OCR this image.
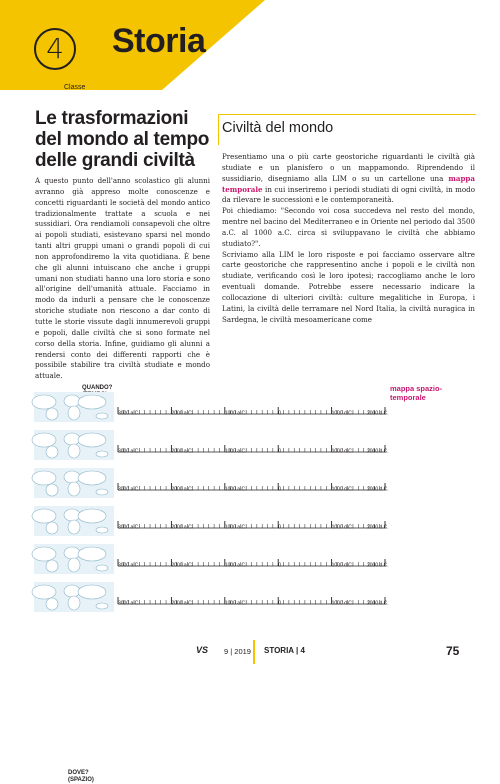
4
Classe
Storia
Le trasformazioni del mondo al tempo delle grandi civiltà
A questo punto dell'anno scolastico gli alunni avranno già appreso molte conoscenze e concetti riguardanti le società del mondo antico tradizionalmente trattate a scuola e nei sussidiari. Ora rendiamoli consapevoli che oltre ai popoli studiati, esistevano sparsi nel mondo tanti altri gruppi umani o grandi popoli di cui non approfondiremo la vita quotidiana. È bene che gli alunni intuiscano che anche i gruppi umani non studiati hanno una loro storia e sono all'origine dell'umanità attuale. Facciamo in modo da indurli a pensare che le conoscenze storiche studiate non riescono a dar conto di tutte le storie vissute dagli innumerevoli gruppi e popoli, dalle civiltà che si sono formate nel corso della storia. Infine, guidiamo gli alunni a rendersi conto dei differenti rapporti che è possibile stabilire tra civiltà studiate e mondo attuale.
Civiltà del mondo

Presentiamo una o più carte geostoriche riguardanti le civiltà già studiate e un planisfero o un mappamondo. Riprendendo il sussidiario, disegniamo alla LIM o su un cartellone una mappa temporale in cui inseriremo i periodi studiati di ogni civiltà, in modo da rilevare le successioni e le contemporaneità.

Poi chiediamo: "Secondo voi cosa succedeva nel resto del mondo, mentre nel bacino del Mediterraneo e in Oriente nel periodo dal 3500 a.C. al 1000 a.C. circa si sviluppavano le civiltà che abbiamo studiato?".

Scriviamo alla LIM le loro risposte e poi facciamo osservare altre carte geostoriche che rappresentino anche i popoli e le civiltà non studiate, verificando così le loro ipotesi; raccogliamo anche le loro eventuali domande. Potrebbe essere necessario indicare la collocazione di ulteriori civiltà: culture megalitiche in Europa, i Latini, la civiltà delle terramare nel Nord Italia, la civiltà nuragica in Sardegna, le civiltà mesoamericane come

mappa spazio-temporale
DOVE? (SPAZIO)
QUANDO?
3000 a.C.	2000 a.C.	1000 a.C.	0	1000 d.C.	2000 d.C.
3000 a.C.	2000 a.C.	1000 a.C.	0	1000 d.C.	2000 d.C.
3000 a.C.	2000 a.C.	1000 a.C.	0	1000 d.C.	2000 d.C.
3000 a.C.	2000 a.C.	1000 a.C.	0	1000 d.C.	2000 d.C.
3000 a.C.	2000 a.C.	1000 a.C.	0	1000 d.C.	2000 d.C.
3000 a.C.	2000 a.C.	1000 a.C.	0	1000 d.C.	2000 d.C.
VS 9 | 2019 STORIA | 4	75
